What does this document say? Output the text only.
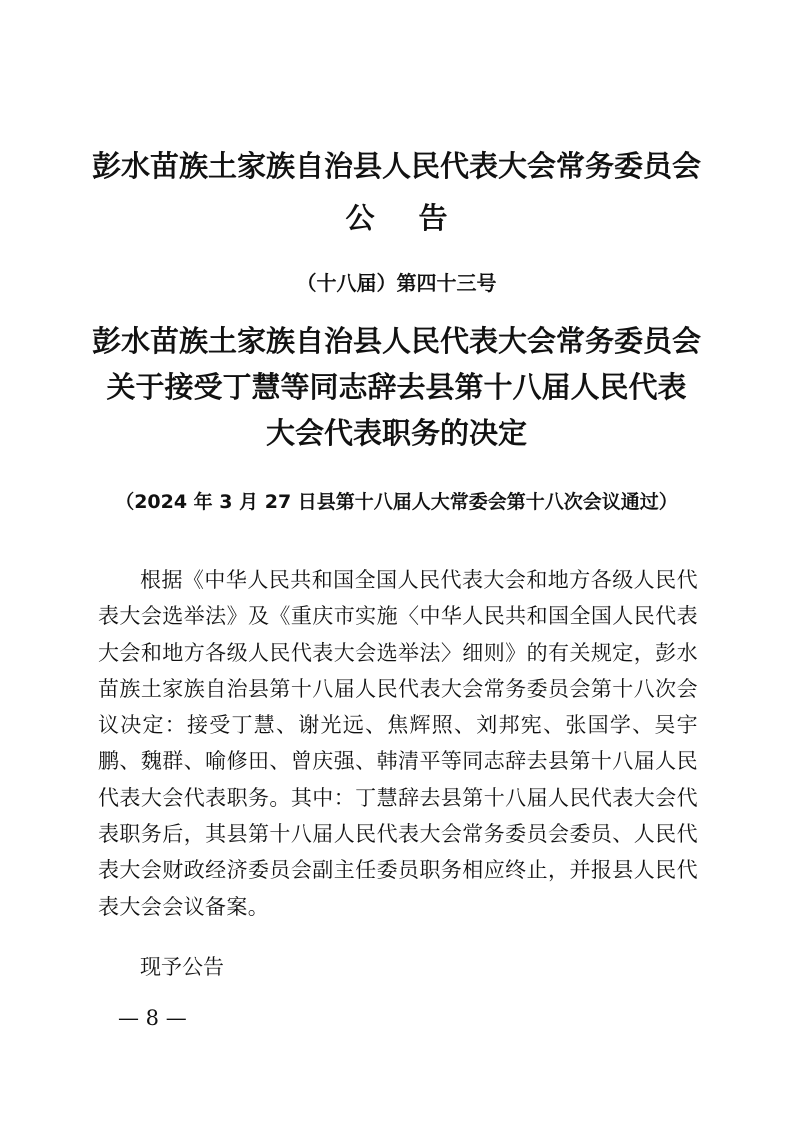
彭水苗族土家族自治县人民代表大会常务委员会
公告
（十八届）第四十三号
彭水苗族土家族自治县人民代表大会常务委员会
关于接受丁慧等同志辞去县第十八届人民代表
大会代表职务的决定
（2024 年 3 月 27 日县第十八届人大常委会第十八次会议通过）

根据《中华人民共和国全国人民代表大会和地方各级人民代表大会选举法》及《重庆市实施〈中华人民共和国全国人民代表大会和地方各级人民代表大会选举法〉细则》的有关规定，彭水苗族土家族自治县第十八届人民代表大会常务委员会第十八次会议决定：接受丁慧、谢光远、焦辉照、刘邦宪、张国学、吴宇鹏、魏群、喻修田、曾庆强、韩清平等同志辞去县第十八届人民代表大会代表职务。其中：丁慧辞去县第十八届人民代表大会代表职务后，其县第十八届人民代表大会常务委员会委员、人民代表大会财政经济委员会副主任委员职务相应终止，并报县人民代表大会会议备案。

现予公告

— 8 —
